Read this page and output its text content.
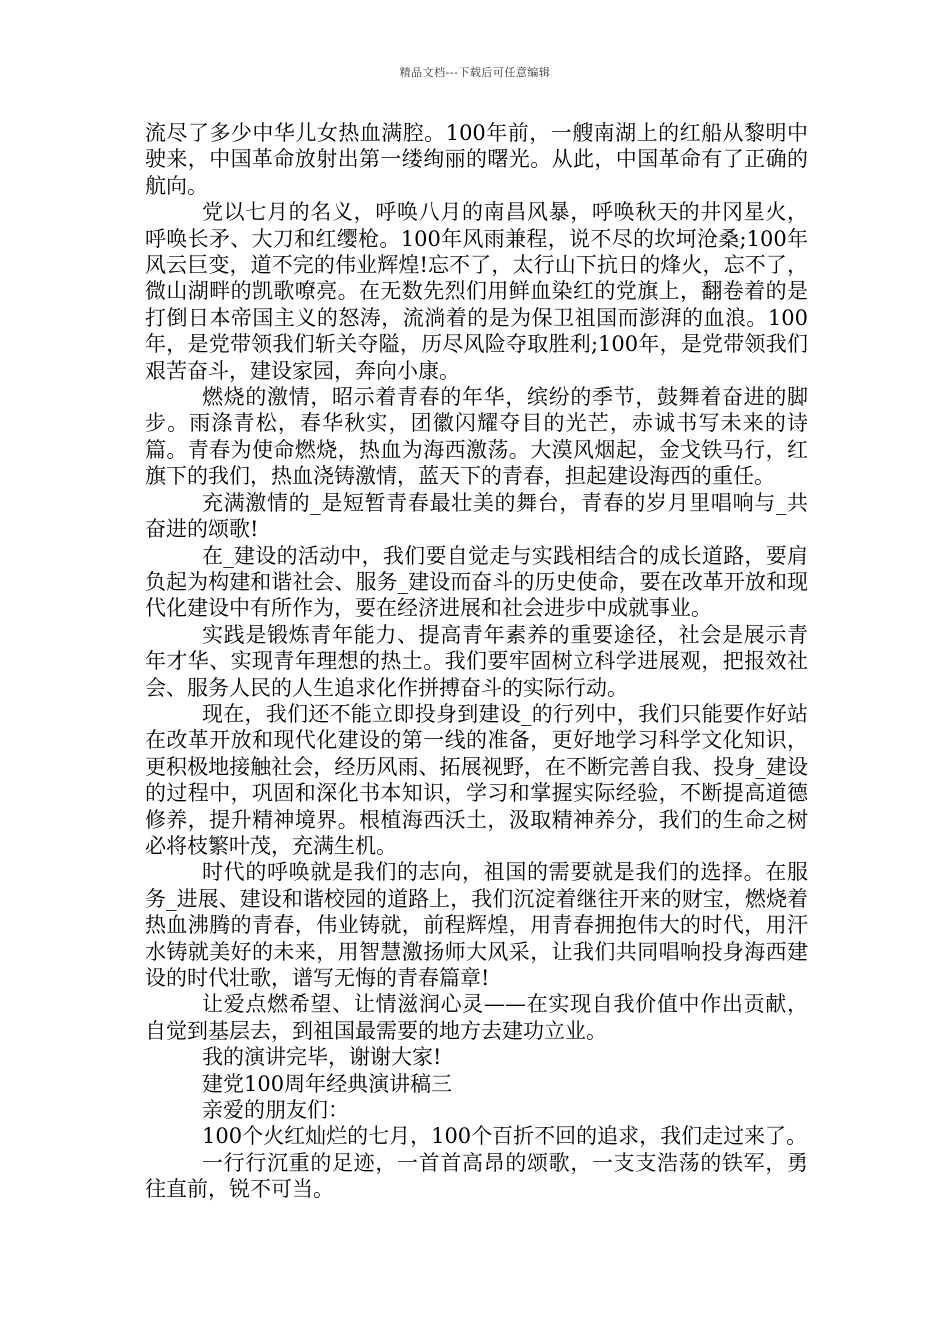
精品文档---下载后可任意编辑

流尽了多少中华儿女热血满腔。100年前，一艘南湖上的红船从黎明中驶来，中国革命放射出第一缕绚丽的曙光。从此，中国革命有了正确的航向。

党以七月的名义，呼唤八月的南昌风暴，呼唤秋天的井冈星火，呼唤长矛、大刀和红缨枪。100年风雨兼程，说不尽的坎坷沧桑;100年风云巨变，道不完的伟业辉煌!忘不了，太行山下抗日的烽火，忘不了，微山湖畔的凯歌嘹亮。在无数先烈们用鲜血染红的党旗上，翻卷着的是打倒日本帝国主义的怒涛，流淌着的是为保卫祖国而澎湃的血浪。100年，是党带领我们斩关夺隘，历尽风险夺取胜利;100年，是党带领我们艰苦奋斗，建设家园，奔向小康。

燃烧的激情，昭示着青春的年华，缤纷的季节，鼓舞着奋进的脚步。雨涤青松，春华秋实，团徽闪耀夺目的光芒，赤诚书写未来的诗篇。青春为使命燃烧，热血为海西激荡。大漠风烟起，金戈铁马行，红旗下的我们，热血浇铸激情，蓝天下的青春，担起建设海西的重任。

充满激情的_是短暂青春最壮美的舞台，青春的岁月里唱响与_共奋进的颂歌!

在_建设的活动中，我们要自觉走与实践相结合的成长道路，要肩负起为构建和谐社会、服务_建设而奋斗的历史使命，要在改革开放和现代化建设中有所作为，要在经济进展和社会进步中成就事业。

实践是锻炼青年能力、提高青年素养的重要途径，社会是展示青年才华、实现青年理想的热土。我们要牢固树立科学进展观，把报效社会、服务人民的人生追求化作拼搏奋斗的实际行动。

现在，我们还不能立即投身到建设_的行列中，我们只能要作好站在改革开放和现代化建设的第一线的准备，更好地学习科学文化知识，更积极地接触社会，经历风雨、拓展视野，在不断完善自我、投身_建设的过程中，巩固和深化书本知识，学习和掌握实际经验，不断提高道德修养，提升精神境界。根植海西沃土，汲取精神养分，我们的生命之树必将枝繁叶茂，充满生机。

时代的呼唤就是我们的志向，祖国的需要就是我们的选择。在服务_进展、建设和谐校园的道路上，我们沉淀着继往开来的财宝，燃烧着热血沸腾的青春，伟业铸就，前程辉煌，用青春拥抱伟大的时代，用汗水铸就美好的未来，用智慧激扬师大风采，让我们共同唱响投身海西建设的时代壮歌，谱写无悔的青春篇章!

让爱点燃希望、让情滋润心灵——在实现自我价值中作出贡献，自觉到基层去，到祖国最需要的地方去建功立业。

我的演讲完毕，谢谢大家!

建党100周年经典演讲稿三

亲爱的朋友们：

100个火红灿烂的七月，100个百折不回的追求，我们走过来了。

一行行沉重的足迹，一首首高昂的颂歌，一支支浩荡的铁军，勇往直前，锐不可当。
